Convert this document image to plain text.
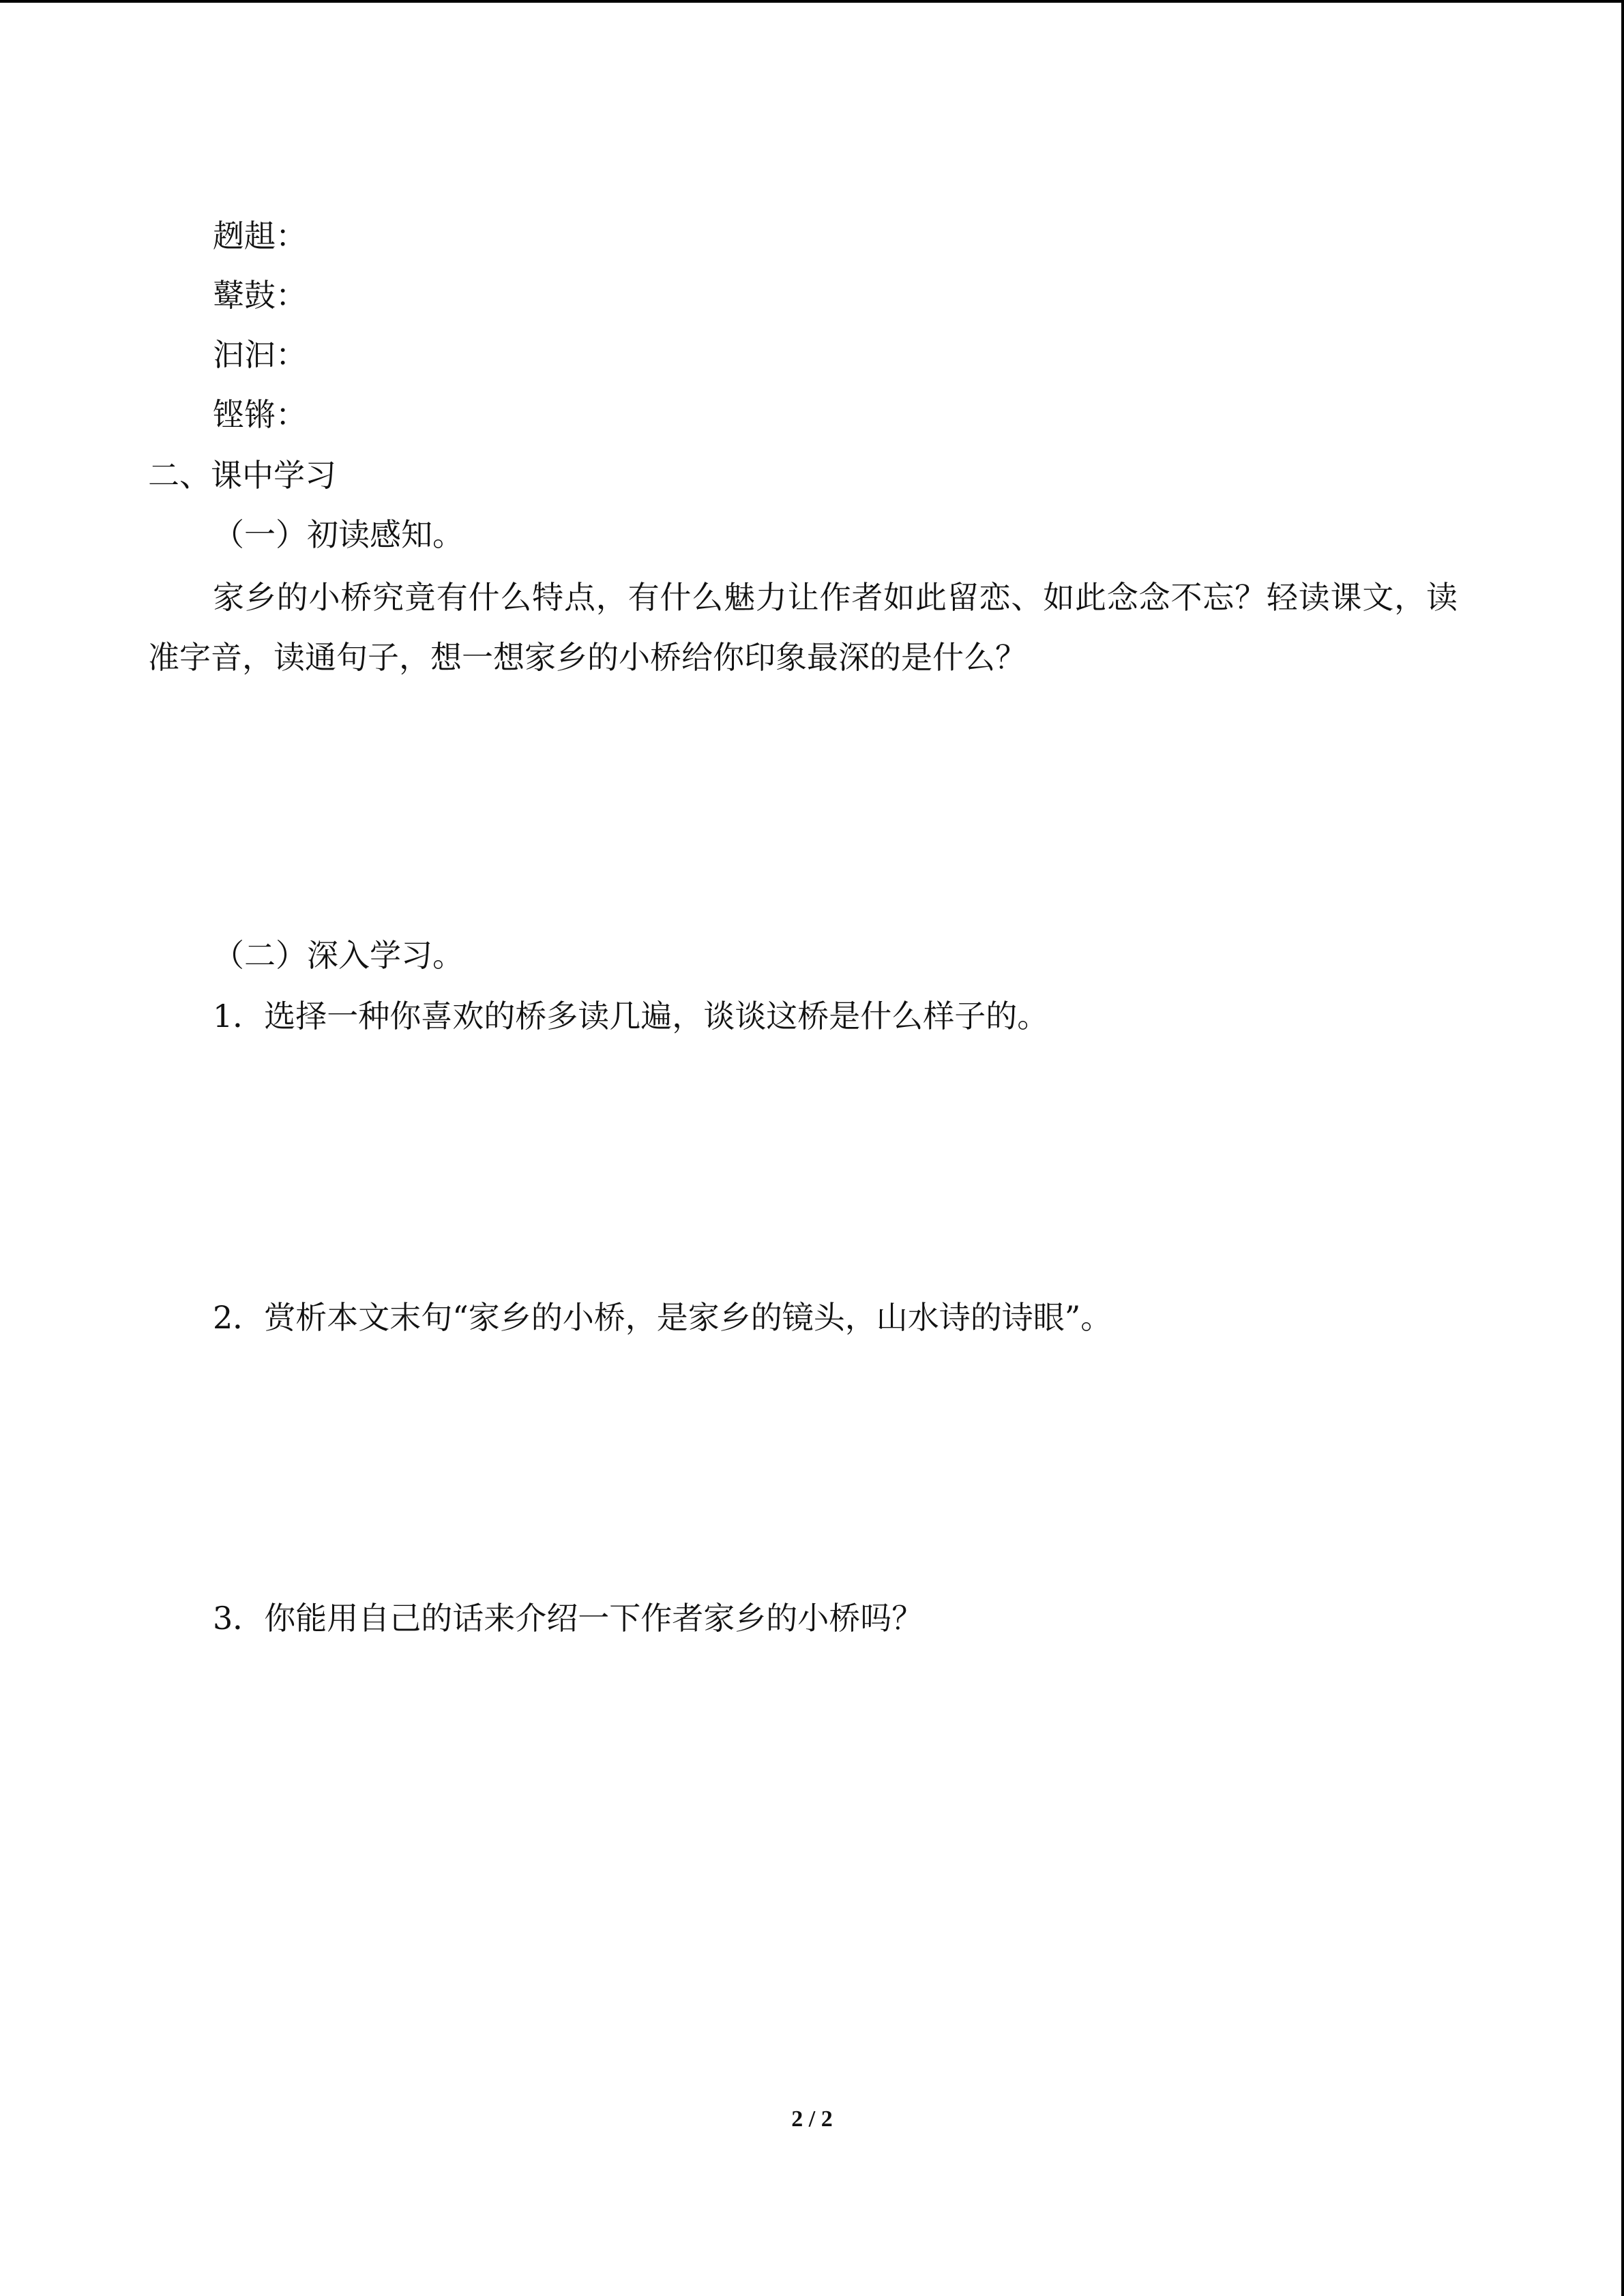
趔趄：
鼙鼓：
汩汩：
铿锵：
二、课中学习
（一）初读感知。
家乡的小桥究竟有什么特点，有什么魅力让作者如此留恋、如此念念不忘？轻读课文，读准字音，读通句子，想一想家乡的小桥给你印象最深的是什么？
（二）深入学习。
1．选择一种你喜欢的桥多读几遍，谈谈这桥是什么样子的。
2．赏析本文末句“家乡的小桥，是家乡的镜头，山水诗的诗眼”。
3．你能用自己的话来介绍一下作者家乡的小桥吗？
2 / 2
